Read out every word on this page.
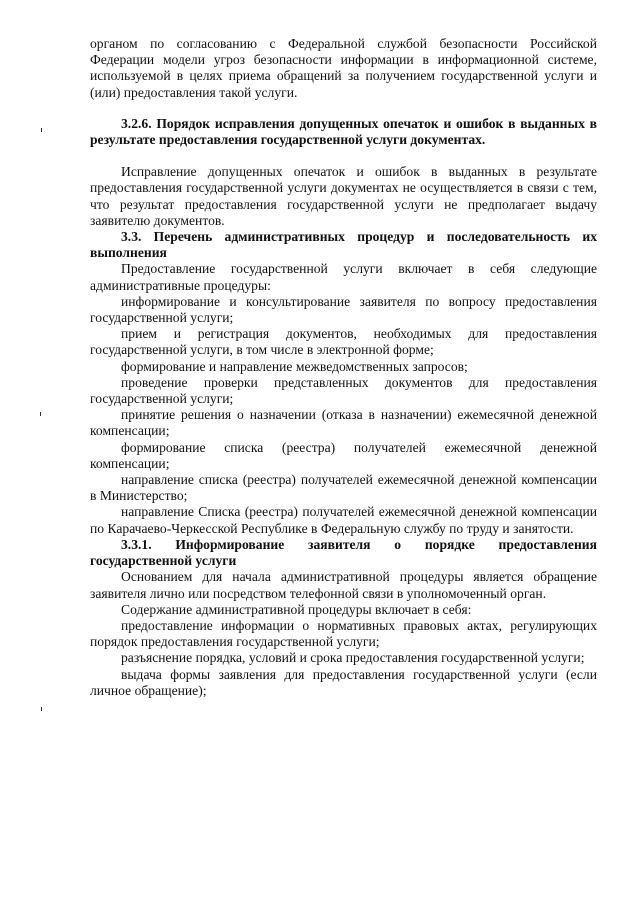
органом по согласованию с Федеральной службой безопасности Российской Федерации модели угроз безопасности информации в информационной системе, используемой в целях приема обращений за получением государственной услуги и (или) предоставления такой услуги.

3.2.6. Порядок исправления допущенных опечаток и ошибок в выданных в результате предоставления государственной услуги документах.

Исправление допущенных опечаток и ошибок в выданных в результате предоставления государственной услуги документах не осуществляется в связи с тем, что результат предоставления государственной услуги не предполагает выдачу заявителю документов.

3.3. Перечень административных процедур и последовательность их выполнения

Предоставление государственной услуги включает в себя следующие административные процедуры:

информирование и консультирование заявителя по вопросу предоставления государственной услуги;

прием и регистрация документов, необходимых для предоставления государственной услуги, в том числе в электронной форме;

формирование и направление межведомственных запросов;

проведение проверки представленных документов для предоставления государственной услуги;

принятие решения о назначении (отказа в назначении) ежемесячной денежной компенсации;

формирование списка (реестра) получателей ежемесячной денежной компенсации;

направление списка (реестра) получателей ежемесячной денежной компенсации в Министерство;

направление Списка (реестра) получателей ежемесячной денежной компенсации по Карачаево-Черкесской Республике в Федеральную службу по труду и занятости.

3.3.1. Информирование заявителя о порядке предоставления государственной услуги

Основанием для начала административной процедуры является обращение заявителя лично или посредством телефонной связи в уполномоченный орган.

Содержание административной процедуры включает в себя:

предоставление информации о нормативных правовых актах, регулирующих порядок предоставления государственной услуги;

разъяснение порядка, условий и срока предоставления государственной услуги;

выдача формы заявления для предоставления государственной услуги (если личное обращение);
